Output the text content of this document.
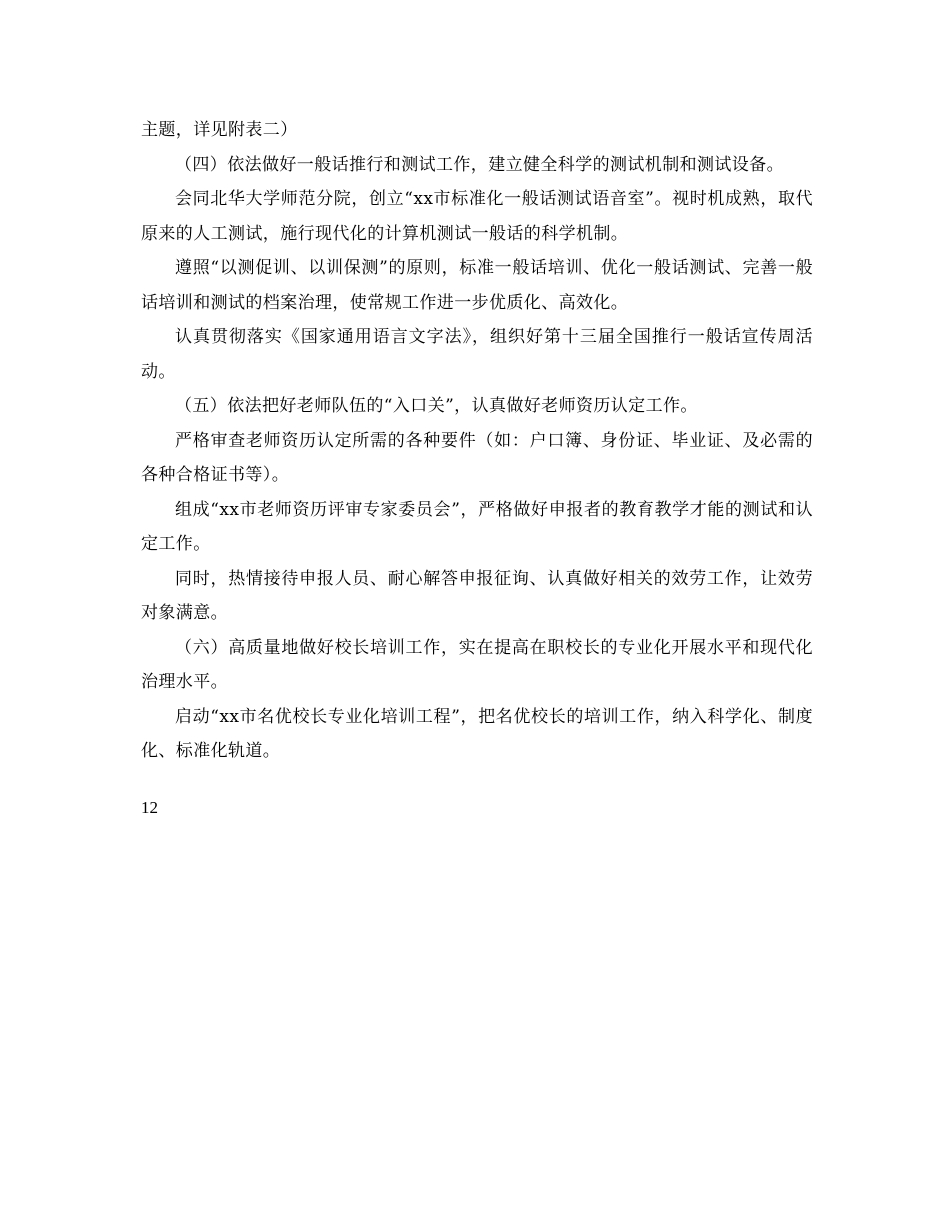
主题，详见附表二）

（四）依法做好一般话推行和测试工作，建立健全科学的测试机制和测试设备。

会同北华大学师范分院，创立“xx市标准化一般话测试语音室”。视时机成熟，取代原来的人工测试，施行现代化的计算机测试一般话的科学机制。

遵照“以测促训、以训保测”的原则，标准一般话培训、优化一般话测试、完善一般话培训和测试的档案治理，使常规工作进一步优质化、高效化。

认真贯彻落实《国家通用语言文字法》，组织好第十三届全国推行一般话宣传周活动。

（五）依法把好老师队伍的“入口关”，认真做好老师资历认定工作。

严格审查老师资历认定所需的各种要件（如：户口簿、身份证、毕业证、及必需的各种合格证书等）。

组成“xx市老师资历评审专家委员会”，严格做好申报者的教育教学才能的测试和认定工作。

同时，热情接待申报人员、耐心解答申报征询、认真做好相关的效劳工作，让效劳对象满意。

（六）高质量地做好校长培训工作，实在提高在职校长的专业化开展水平和现代化治理水平。

启动“xx市名优校长专业化培训工程”，把名优校长的培训工作，纳入科学化、制度化、标准化轨道。

12
